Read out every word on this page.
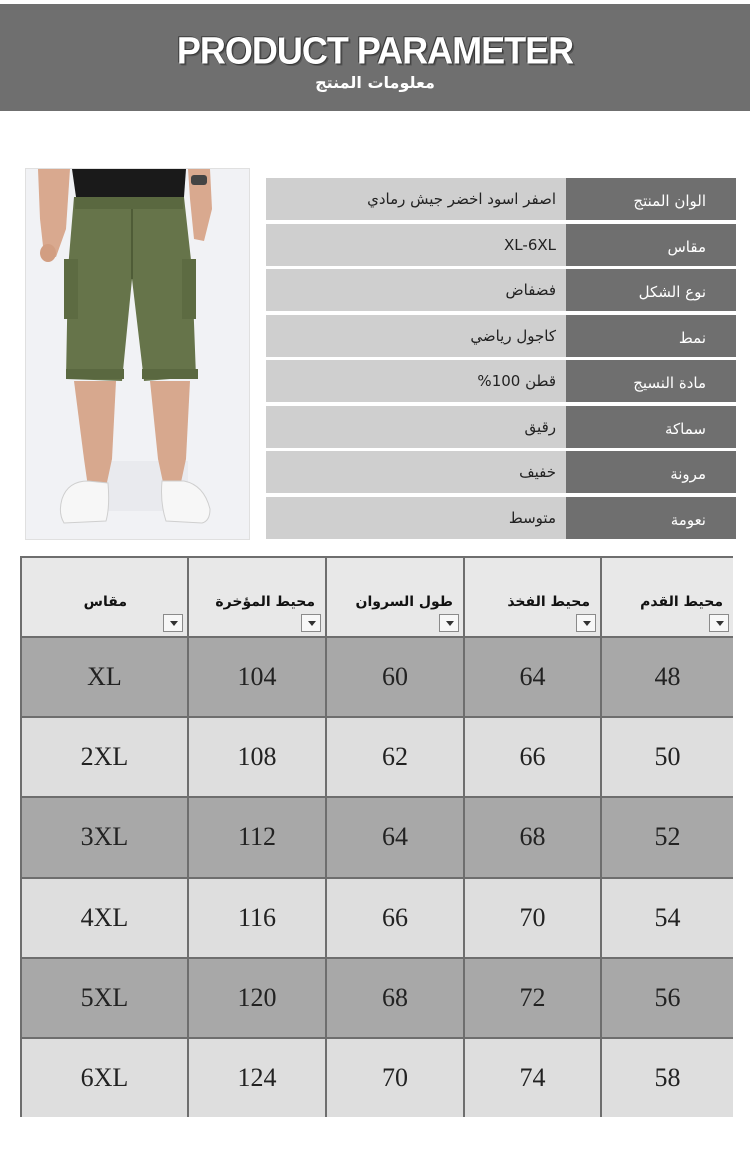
PRODUCT PARAMETER
معلومات المنتج
اصفر اسود اخضر جيش رمادي	الوان المنتج
XL-6XL	مقاس
فضفاض	نوع الشكل
كاجول رياضي	نمط
قطن 100%	مادة النسيج
رقيق	سماكة
خفيف	مرونة
متوسط	نعومة
مقاس	محيط المؤخرة	طول السروان	محيط الفخذ	محيط القدم
XL	104	60	64	48
2XL	108	62	66	50
3XL	112	64	68	52
4XL	116	66	70	54
5XL	120	68	72	56
6XL	124	70	74	58
